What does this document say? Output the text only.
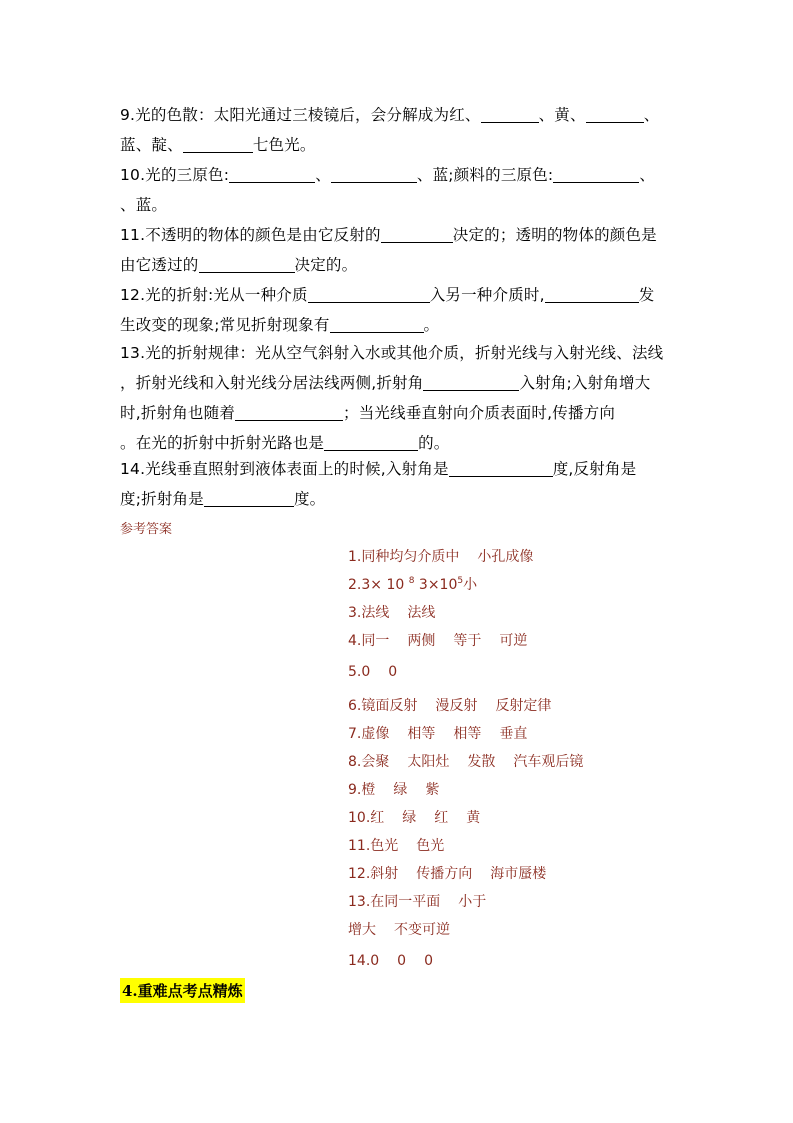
9.光的色散：太阳光通过三棱镜后，会分解成为红、	、黄、	、

蓝、靛、	七色光。

10.光的三原色:	、	、蓝;颜料的三原色:	、

、蓝。

11.不透明的物体的颜色是由它反射的	决定的；透明的物体的颜色是

由它透过的	决定的。

12.光的折射:光从一种介质	入另一种介质时,	发

生改变的现象;常见折射现象有	。

13.光的折射规律：光从空气斜射入水或其他介质，折射光线与入射光线、法线

，折射光线和入射光线分居法线两侧,折射角	入射角;入射角增大

时,折射角也随着	；当光线垂直射向介质表面时,传播方向

。在光的折射中折射光路也是	的。

14.光线垂直照射到液体表面上的时候,入射角是	度,反射角是

度;折射角是	度。

参考答案
1.同种均匀介质中 小孔成像
2.3× 10 $^8$ $3\times 10^5$小
3.法线 法线
4.同一 两侧 等于 可逆
5.0 0
6.镜面反射 漫反射 反射定律
7.虚像 相等 相等 垂直
8.会聚 太阳灶 发散 汽车观后镜
9.橙 绿 紫
10.红 绿 红 黄
11.色光 色光
12.斜射 传播方向 海市蜃楼
13.在同一平面 小于
增大 不变可逆
14.0 0 0
4.重难点考点精炼
